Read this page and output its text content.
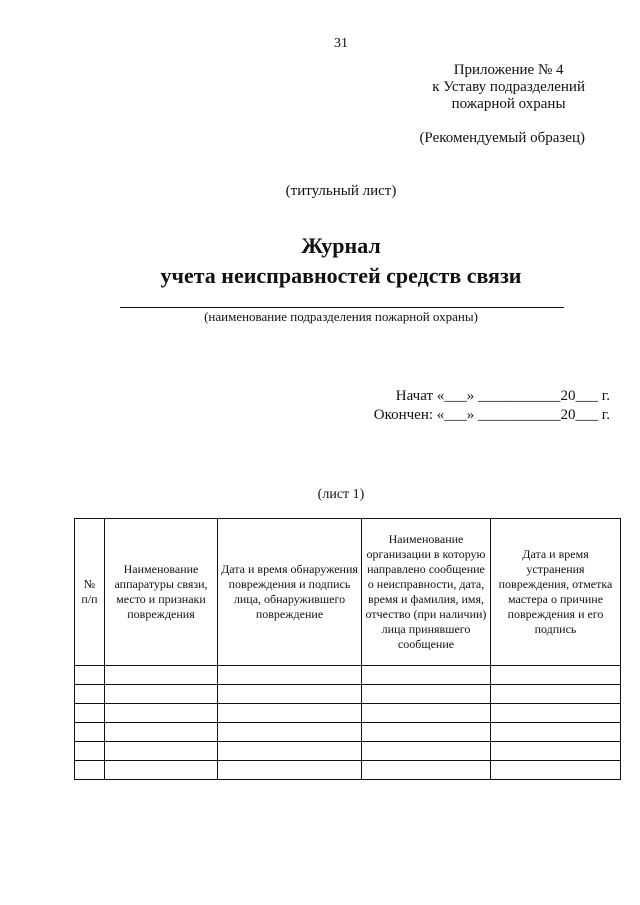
31
Приложение № 4
к Уставу подразделений
пожарной охраны
(Рекомендуемый образец)
(титульный лист)
Журнал
учета неисправностей средств связи
(наименование подразделения пожарной охраны)
Начат «___» ___________20___ г.
Окончен: «___» ___________20___ г.
(лист 1)
№ п/п	Наименование аппаратуры связи, место и признаки повреждения	Дата и время обнаружения повреждения и подпись лица, обнаружившего повреждение	Наименование организации в которую направлено сообщение о неисправности, дата, время и фамилия, имя, отчество (при наличии) лица принявшего сообщение	Дата и время устранения повреждения, отметка мастера о причине повреждения и его подпись
